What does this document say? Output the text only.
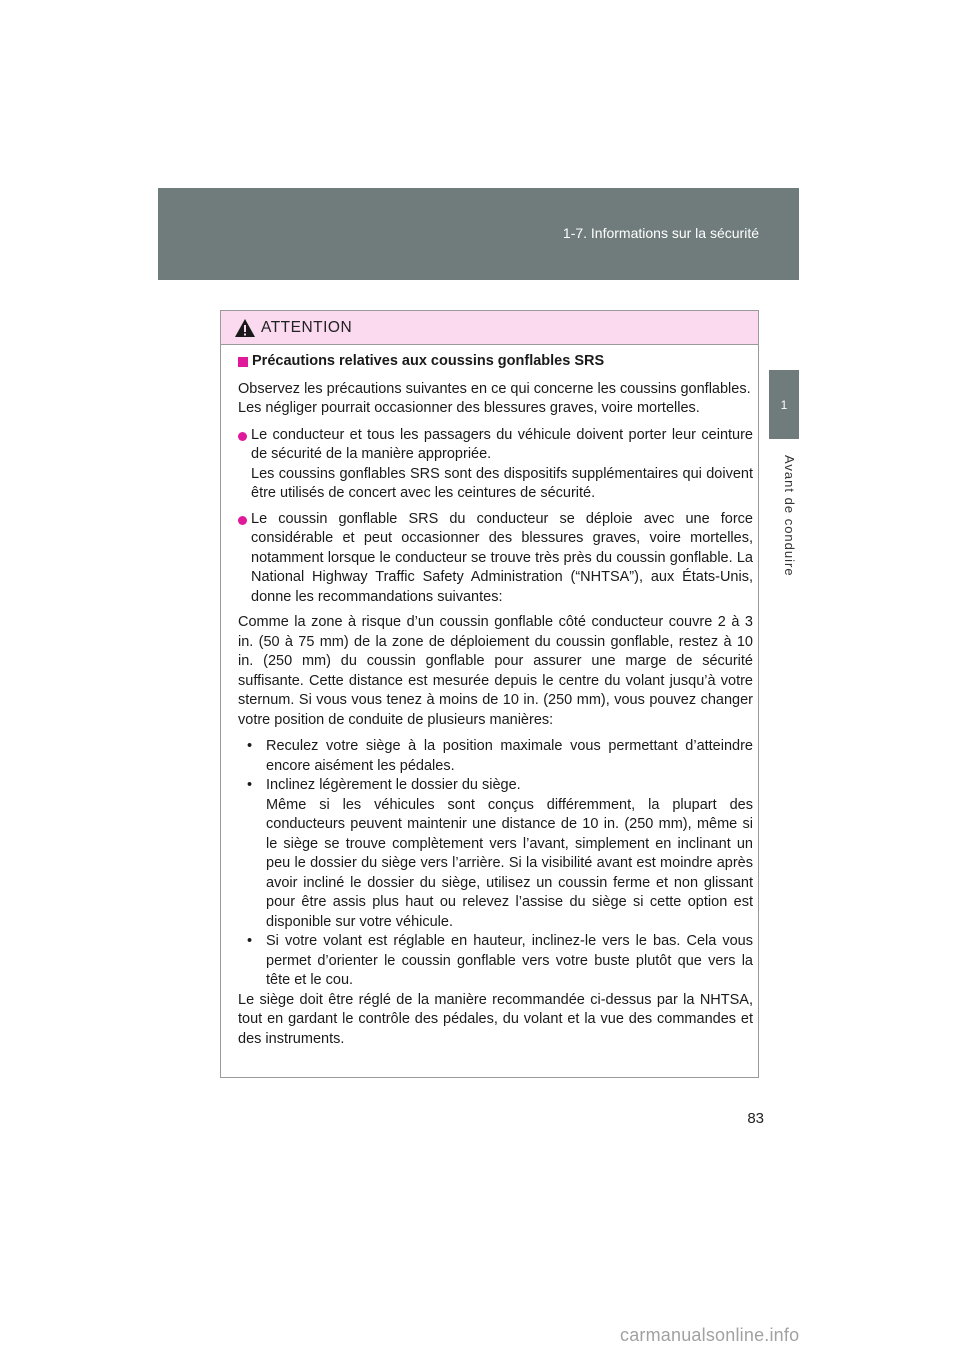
1-7. Informations sur la sécurité
1
Avant de conduire
ATTENTION

Précautions relatives aux coussins gonflables SRS

Observez les précautions suivantes en ce qui concerne les coussins gonflables.
Les négliger pourrait occasionner des blessures graves, voire mortelles.

Le conducteur et tous les passagers du véhicule doivent porter leur ceinture de sécurité de la manière appropriée.
Les coussins gonflables SRS sont des dispositifs supplémentaires qui doivent être utilisés de concert avec les ceintures de sécurité.

Le coussin gonflable SRS du conducteur se déploie avec une force considérable et peut occasionner des blessures graves, voire mortelles, notamment lorsque le conducteur se trouve très près du coussin gonflable. La National Highway Traffic Safety Administration (“NHTSA”), aux États-Unis, donne les recommandations suivantes:

Comme la zone à risque d’un coussin gonflable côté conducteur couvre 2 à 3 in. (50 à 75 mm) de la zone de déploiement du coussin gonflable, restez à 10 in. (250 mm) du coussin gonflable pour assurer une marge de sécurité suffisante. Cette distance est mesurée depuis le centre du volant jusqu’à votre sternum. Si vous vous tenez à moins de 10 in. (250 mm), vous pouvez changer votre position de conduite de plusieurs manières:

• Reculez votre siège à la position maximale vous permettant d’atteindre encore aisément les pédales.

• Inclinez légèrement le dossier du siège.
Même si les véhicules sont conçus différemment, la plupart des conducteurs peuvent maintenir une distance de 10 in. (250 mm), même si le siège se trouve complètement vers l’avant, simplement en inclinant un peu le dossier du siège vers l’arrière. Si la visibilité avant est moindre après avoir incliné le dossier du siège, utilisez un coussin ferme et non glissant pour être assis plus haut ou relevez l’assise du siège si cette option est disponible sur votre véhicule.

• Si votre volant est réglable en hauteur, inclinez-le vers le bas. Cela vous permet d’orienter le coussin gonflable vers votre buste plutôt que vers la tête et le cou.

Le siège doit être réglé de la manière recommandée ci-dessus par la NHTSA, tout en gardant le contrôle des pédales, du volant et la vue des commandes et des instruments.

83
carmanualsonline.info
